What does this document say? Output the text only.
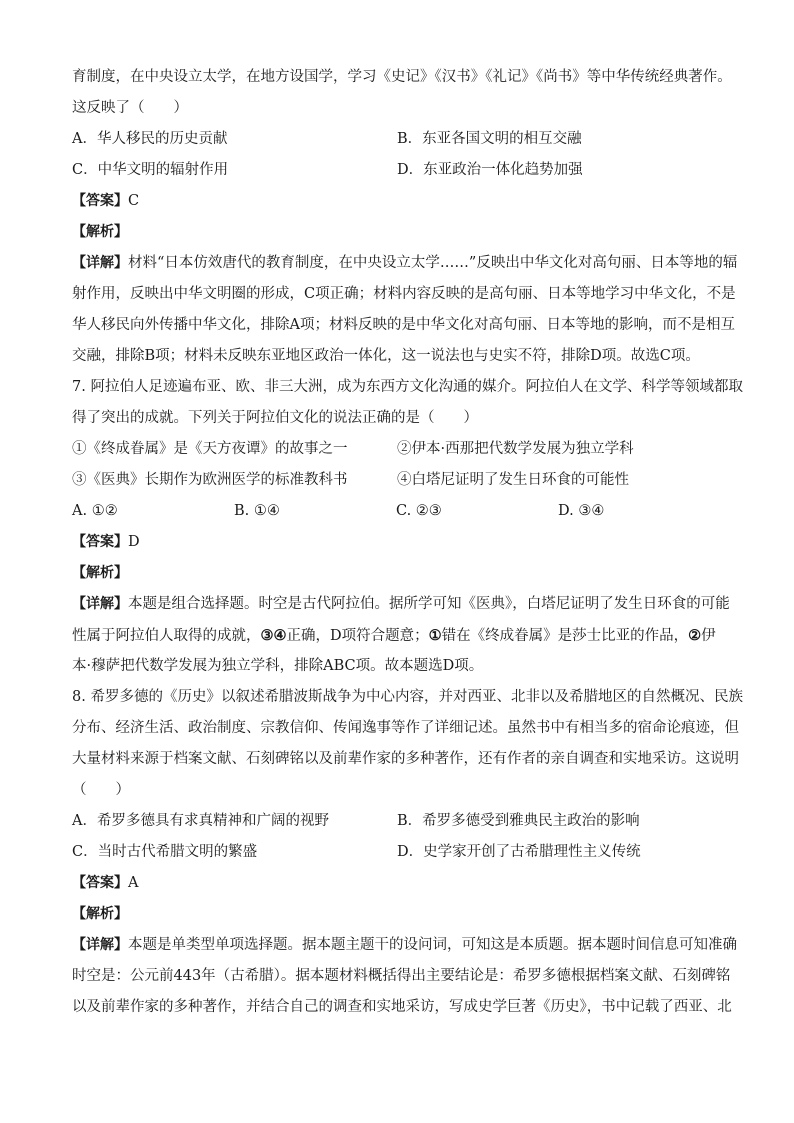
育制度，在中央设立太学，在地方设国学，学习《史记》《汉书》《礼记》《尚书》等中华传统经典著作。
这反映了（　　）
A．华人移民的历史贡献	B．东亚各国文明的相互交融
C．中华文明的辐射作用	D．东亚政治一体化趋势加强
【 答案 】 C
【 解析 】
【 详解 】 材料“日本仿效唐代的教育制度，在中央设立太学……”反映出中华文化对高句丽、日本等地的辐
射作用，反映出中华文明圈的形成，C项正确；材料内容反映的是高句丽、日本等地学习中华文化，不是
华人移民向外传播中华文化，排除A项；材料反映的是中华文化对高句丽、日本等地的影响，而不是相互
交融，排除B项；材料未反映东亚地区政治一体化，这一说法也与史实不符，排除D项。故选C项。
7. 阿拉伯人足迹遍布亚、欧、非三大洲，成为东西方文化沟通的媒介。阿拉伯人在文学、科学等领域都取
得了突出的成就。下列关于阿拉伯文化的说法正确的是（　　）
①《终成眷属》是《天方夜谭》的故事之一	②伊本·西那把代数学发展为独立学科
③《医典》长期作为欧洲医学的标准教科书	④白塔尼证明了发生日环食的可能性
A. ①②	B. ①④	C. ②③	D. ③④
【 答案 】 D
【 解析 】
【 详解 】 本题是组合选择题。时空是古代阿拉伯。据所学可知《医典》，白塔尼证明了发生日环食的可能
性属于阿拉伯人取得的成就，③④正确，D项符合题意；①错在《终成眷属》是莎士比亚的作品，②伊
本·穆萨把代数学发展为独立学科，排除ABC项。故本题选D项。
8. 希罗多德的《历史》以叙述希腊波斯战争为中心内容，并对西亚、北非以及希腊地区的自然概况、民族
分布、经济生活、政治制度、宗教信仰、传闻逸事等作了详细记述。虽然书中有相当多的宿命论痕迹，但
大量材料来源于档案文献、石刻碑铭以及前辈作家的多种著作，还有作者的亲自调查和实地采访。这说明
（　　）
A．希罗多德具有求真精神和广阔的视野	B．希罗多德受到雅典民主政治的影响
C．当时古代希腊文明的繁盛	D．史学家开创了古希腊理性主义传统
【 答案 】 A
【 解析 】
【 详解 】 本题是单类型单项选择题。据本题主题干的设问词，可知这是本质题。据本题时间信息可知准确
时空是：公元前443年（古希腊）。据本题材料概括得出主要结论是：希罗多德根据档案文献、石刻碑铭
以及前辈作家的多种著作，并结合自己的调查和实地采访，写成史学巨著《历史》，书中记载了西亚、北
